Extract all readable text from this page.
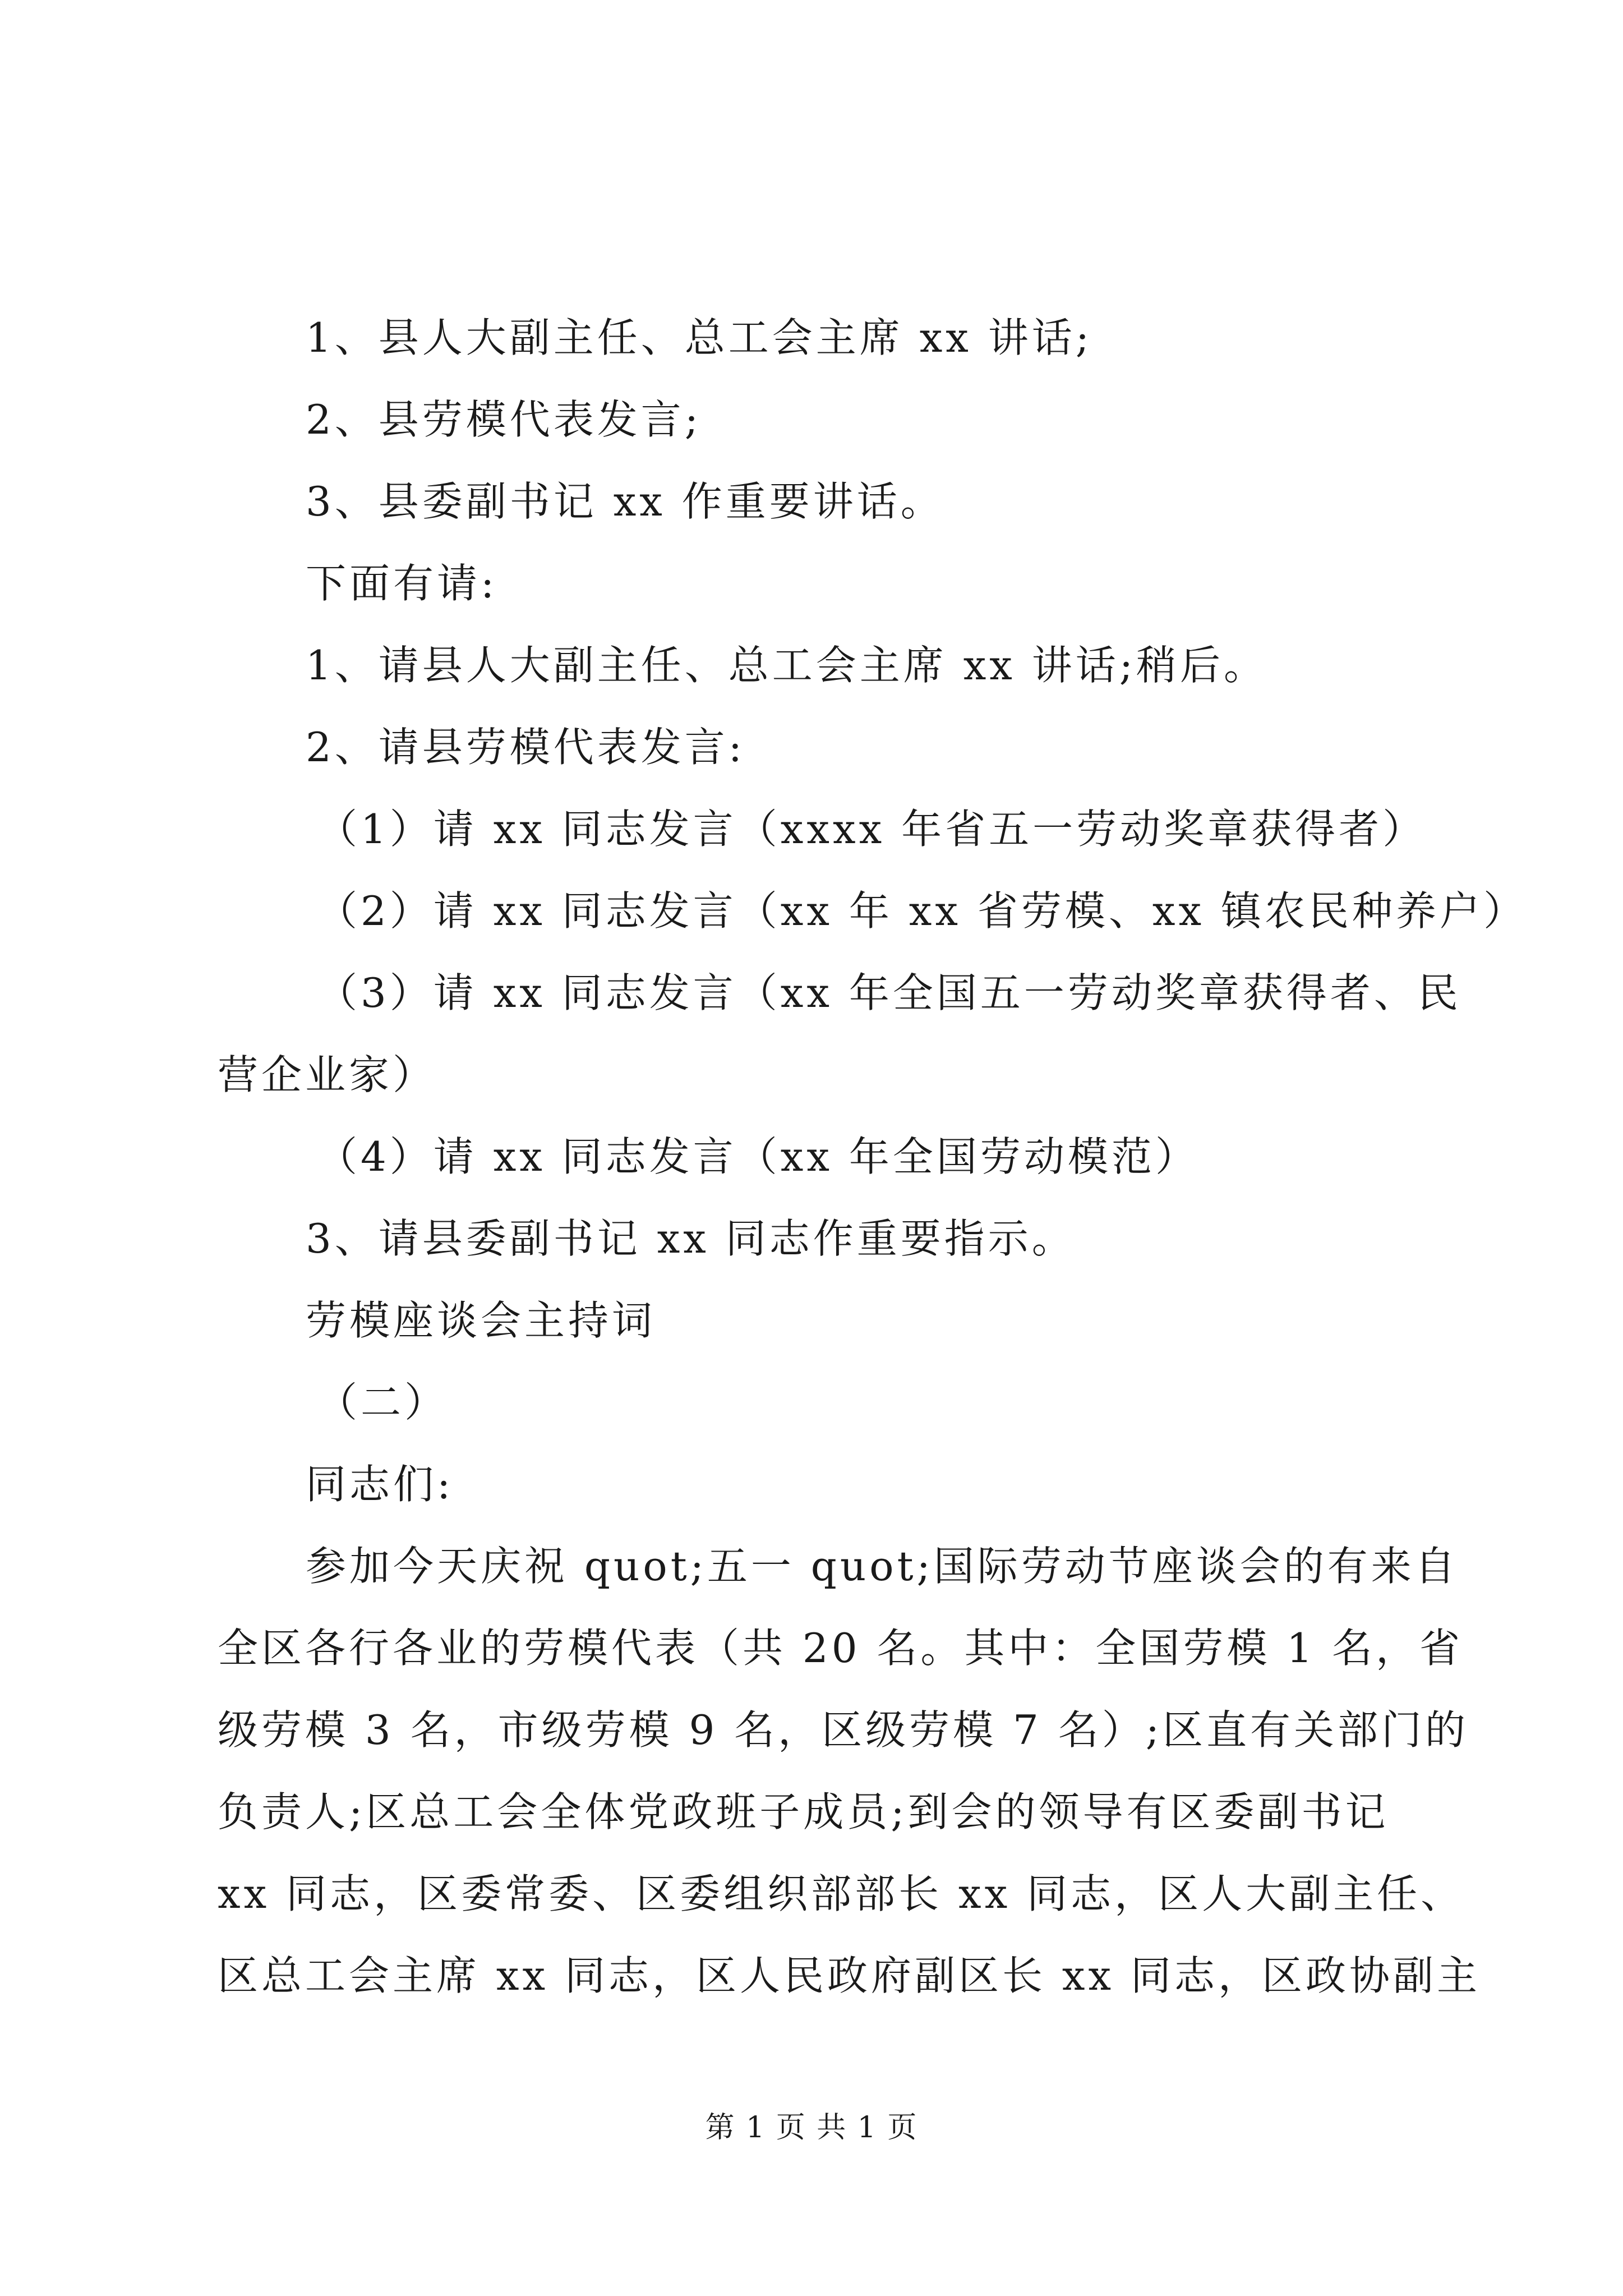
1、县人大副主任、总工会主席 xx 讲话;
2、县劳模代表发言;
3、县委副书记 xx 作重要讲话。
下面有请:
1、请县人大副主任、总工会主席 xx 讲话;稍后。
2、请县劳模代表发言:
（1）请 xx 同志发言（xxxx 年省五一劳动奖章获得者）
（2）请 xx 同志发言（xx 年 xx 省劳模、xx 镇农民种养户）
（3）请 xx 同志发言（xx 年全国五一劳动奖章获得者、民
营企业家）
（4）请 xx 同志发言（xx 年全国劳动模范）
3、请县委副书记 xx 同志作重要指示。
劳模座谈会主持词
（二）
同志们:
参加今天庆祝 quot;五一 quot;国际劳动节座谈会的有来自
全区各行各业的劳模代表（共 20 名。其中：全国劳模 1 名，省
级劳模 3 名，市级劳模 9 名，区级劳模 7 名）;区直有关部门的
负责人;区总工会全体党政班子成员;到会的领导有区委副书记
xx 同志，区委常委、区委组织部部长 xx 同志，区人大副主任、
区总工会主席 xx 同志，区人民政府副区长 xx 同志，区政协副主
第 1 页 共 1 页
